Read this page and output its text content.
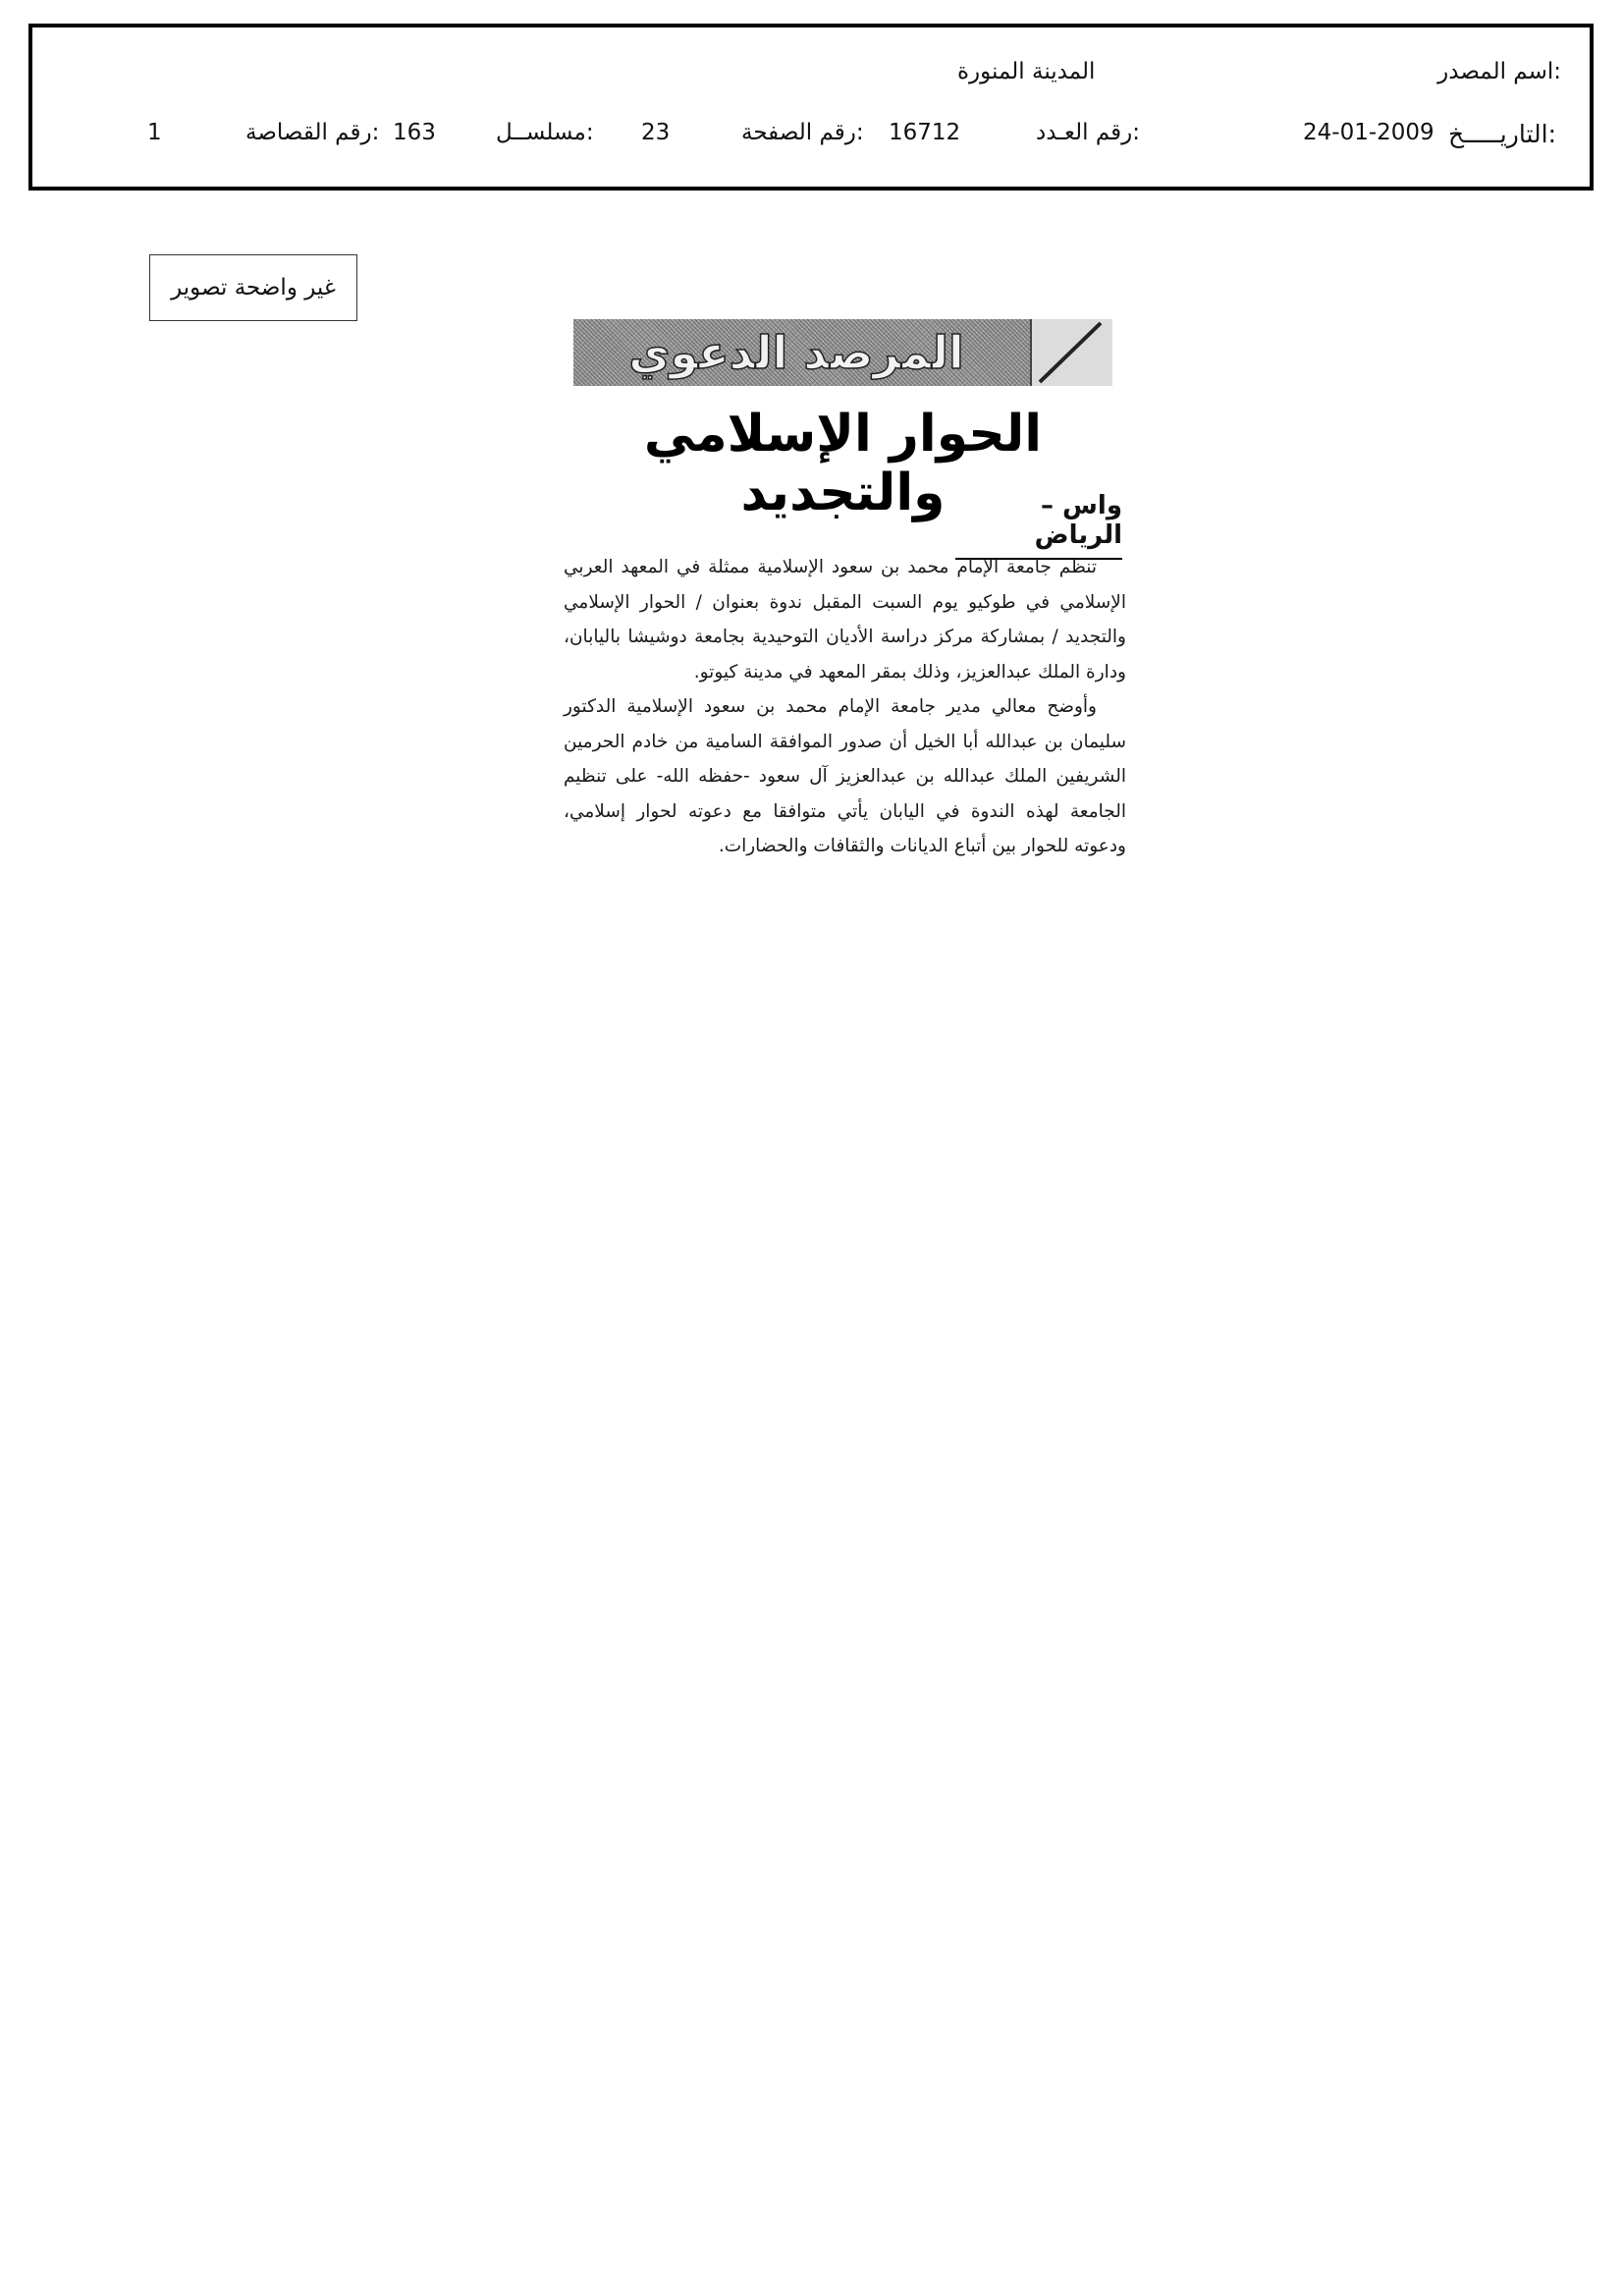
اسم المصدر:
المدينة المنورة
التاريـــــخ:
24-01-2009
رقم العـدد:
16712
رقم الصفحة:
23
مسلســل:
163
رقم القصاصة:
1
غير واضحة تصوير
المرصد الدعوي
الحوار الإسلامي والتجديد	واس – الرياض

تنظم جامعة الإمام محمد بن سعود الإسلامية ممثلة في المعهد العربي الإسلامي في طوكيو يوم السبت المقبل ندوة بعنوان / الحوار الإسلامي والتجديد / بمشاركة مركز دراسة الأديان التوحيدية بجامعة دوشيشا باليابان، ودارة الملك عبدالعزيز، وذلك بمقر المعهد في مدينة كيوتو.

وأوضح معالي مدير جامعة الإمام محمد بن سعود الإسلامية الدكتور سليمان بن عبدالله أبا الخيل أن صدور الموافقة السامية من خادم الحرمين الشريفين الملك عبدالله بن عبدالعزيز آل سعود -حفظه الله- على تنظيم الجامعة لهذه الندوة في اليابان يأتي متوافقا مع دعوته لحوار إسلامي، ودعوته للحوار بين أتباع الديانات والثقافات والحضارات.
